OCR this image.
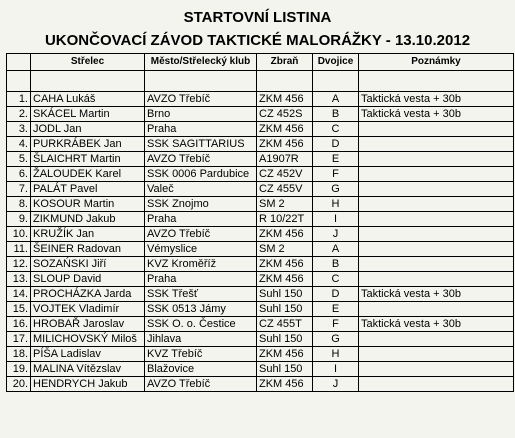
STARTOVNÍ LISTINA
UKONČOVACÍ ZÁVOD TAKTICKÉ MALORÁŽKY - 13.10.2012
	Střelec	Město/Střelecký klub	Zbraň	Dvojice	Poznámky

1.	CAHA Lukáš	AVZO Třebíč	ZKM 456	A	Taktická vesta + 30b
2.	SKÁCEL Martin	Brno	CZ 452S	B	Taktická vesta + 30b
3.	JODL Jan	Praha	ZKM 456	C	
4.	PURKRÁBEK Jan	SSK SAGITTARIUS	ZKM 456	D	
5.	ŠLAICHRT Martin	AVZO Třebíč	A1907R	E	
6.	ŽALOUDEK Karel	SSK 0006 Pardubice	CZ 452V	F	
7.	PALÁT Pavel	Valeč	CZ 455V	G	
8.	KOSOUR Martin	SSK Znojmo	SM 2	H	
9.	ZIKMUND Jakub	Praha	R 10/22T	I	
10.	KRUŽÍK Jan	AVZO Třebíč	ZKM 456	J	
11.	ŠEINER Radovan	Vémyslice	SM 2	A	
12.	SOZAŃSKI Jiří	KVZ Kroměříž	ZKM 456	B	
13.	SLOUP David	Praha	ZKM 456	C	
14.	PROCHÁZKA Jarda	SSK Třešť	Suhl 150	D	Taktická vesta + 30b
15.	VOJTEK Vladimír	SSK 0513 Jámy	Suhl 150	E	
16.	HROBAŘ Jaroslav	SSK O. o. Čestice	CZ 455T	F	Taktická vesta + 30b
17.	MILICHOVSKÝ Miloš	Jihlava	Suhl 150	G	
18.	PÍŠA Ladislav	KVZ Třebíč	ZKM 456	H	
19.	MALINA Vítězslav	Blažovice	Suhl 150	I	
20.	HENDRYCH Jakub	AVZO Třebíč	ZKM 456	J	
